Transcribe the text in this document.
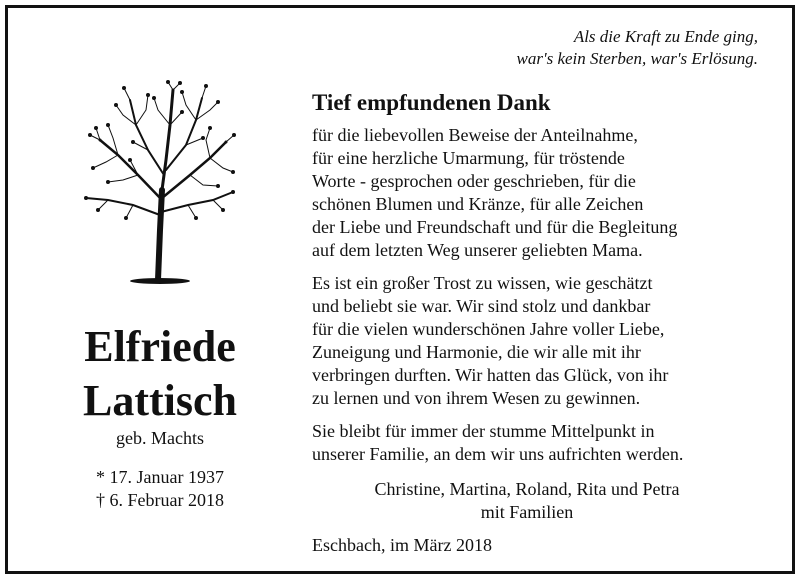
Als die Kraft zu Ende ging,
war's kein Sterben, war's Erlösung.
Elfriede
Lattisch
geb. Machts
* 17. Januar 1937
† 6. Februar 2018
Tief empfundenen Dank

für die liebevollen Beweise der Anteilnahme,
für eine herzliche Umarmung, für tröstende
Worte - gesprochen oder geschrieben, für die
schönen Blumen und Kränze, für alle Zeichen
der Liebe und Freundschaft und für die Begleitung
auf dem letzten Weg unserer geliebten Mama.

Es ist ein großer Trost zu wissen, wie geschätzt
und beliebt sie war. Wir sind stolz und dankbar
für die vielen wunderschönen Jahre voller Liebe,
Zuneigung und Harmonie, die wir alle mit ihr
verbringen durften. Wir hatten das Glück, von ihr
zu lernen und von ihrem Wesen zu gewinnen.

Sie bleibt für immer der stumme Mittelpunkt in
unserer Familie, an dem wir uns aufrichten werden.

Christine, Martina, Roland, Rita und Petra
mit Familien
Eschbach, im März 2018
